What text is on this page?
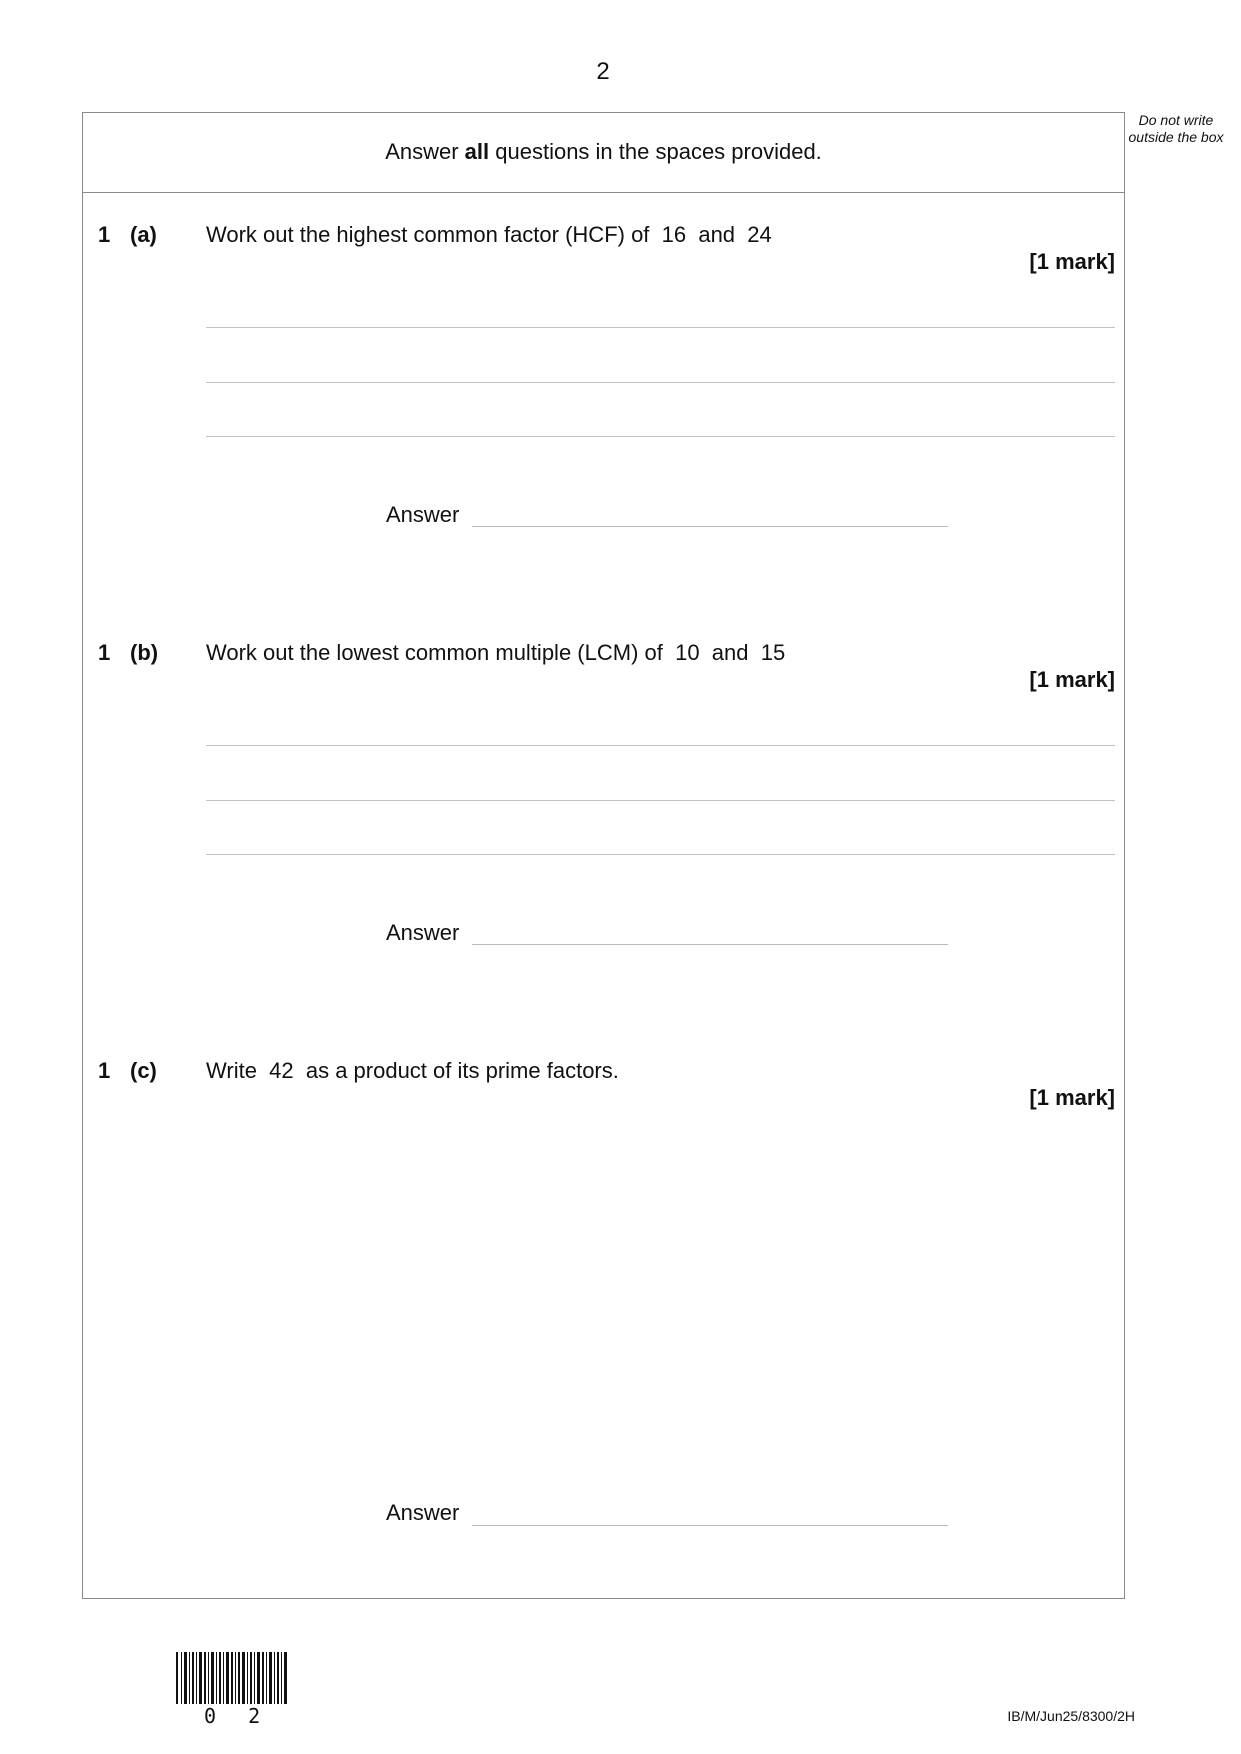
2
Do not write outside the box
Answer all questions in the spaces provided.
1 (a) Work out the highest common factor (HCF) of  16  and  24
[1 mark]
Answer
1 (b) Work out the lowest common multiple (LCM) of  10  and  15
[1 mark]
Answer
1 (c) Write  42  as a product of its prime factors.
[1 mark]
Answer
0 2	IB/M/Jun25/8300/2H
